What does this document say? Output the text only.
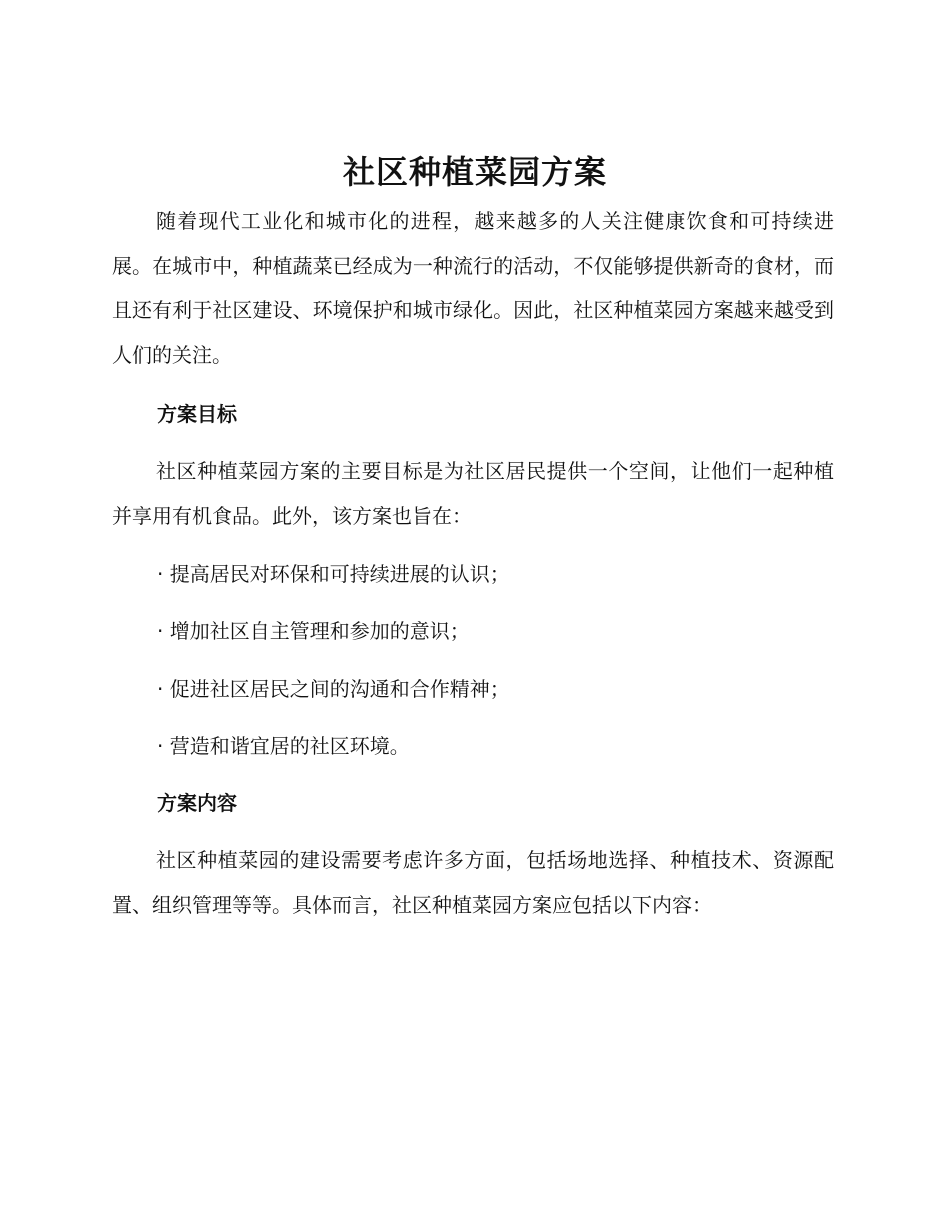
社区种植菜园方案

随着现代工业化和城市化的进程，越来越多的人关注健康饮食和可持续进展。在城市中，种植蔬菜已经成为一种流行的活动，不仅能够提供新奇的食材，而且还有利于社区建设、环境保护和城市绿化。因此，社区种植菜园方案越来越受到人们的关注。

方案目标

社区种植菜园方案的主要目标是为社区居民提供一个空间，让他们一起种植并享用有机食品。此外，该方案也旨在：

· 提高居民对环保和可持续进展的认识；

· 增加社区自主管理和参加的意识；

· 促进社区居民之间的沟通和合作精神；

· 营造和谐宜居的社区环境。

方案内容

社区种植菜园的建设需要考虑许多方面，包括场地选择、种植技术、资源配置、组织管理等等。具体而言，社区种植菜园方案应包括以下内容：
